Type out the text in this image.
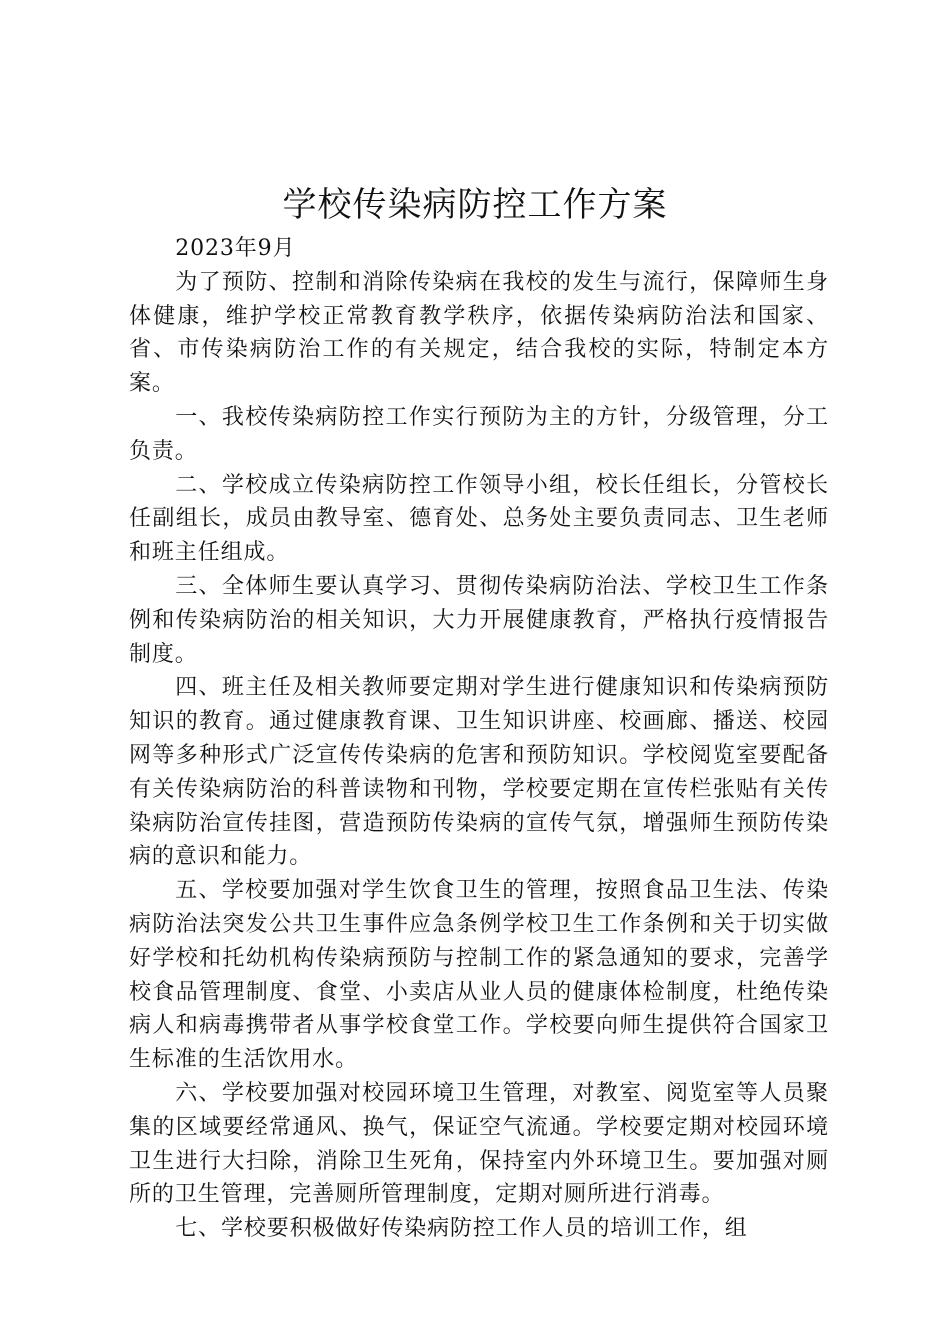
学校传染病防控工作方案

2023年9月

为了预防、控制和消除传染病在我校的发生与流行，保障师生身体健康，维护学校正常教育教学秩序，依据传染病防治法和国家、省、市传染病防治工作的有关规定，结合我校的实际，特制定本方案。

一、我校传染病防控工作实行预防为主的方针，分级管理，分工负责。

二、学校成立传染病防控工作领导小组，校长任组长，分管校长任副组长，成员由教导室、德育处、总务处主要负责同志、卫生老师和班主任组成。

三、全体师生要认真学习、贯彻传染病防治法、学校卫生工作条例和传染病防治的相关知识，大力开展健康教育，严格执行疫情报告制度。

四、班主任及相关教师要定期对学生进行健康知识和传染病预防知识的教育。通过健康教育课、卫生知识讲座、校画廊、播送、校园网等多种形式广泛宣传传染病的危害和预防知识。学校阅览室要配备有关传染病防治的科普读物和刊物，学校要定期在宣传栏张贴有关传染病防治宣传挂图，营造预防传染病的宣传气氛，增强师生预防传染病的意识和能力。

五、学校要加强对学生饮食卫生的管理，按照食品卫生法、传染病防治法突发公共卫生事件应急条例学校卫生工作条例和关于切实做好学校和托幼机构传染病预防与控制工作的紧急通知的要求，完善学校食品管理制度、食堂、小卖店从业人员的健康体检制度，杜绝传染病人和病毒携带者从事学校食堂工作。学校要向师生提供符合国家卫生标准的生活饮用水。

六、学校要加强对校园环境卫生管理，对教室、阅览室等人员聚集的区域要经常通风、换气，保证空气流通。学校要定期对校园环境卫生进行大扫除，消除卫生死角，保持室内外环境卫生。要加强对厕所的卫生管理，完善厕所管理制度，定期对厕所进行消毒。

七、学校要积极做好传染病防控工作人员的培训工作，组
